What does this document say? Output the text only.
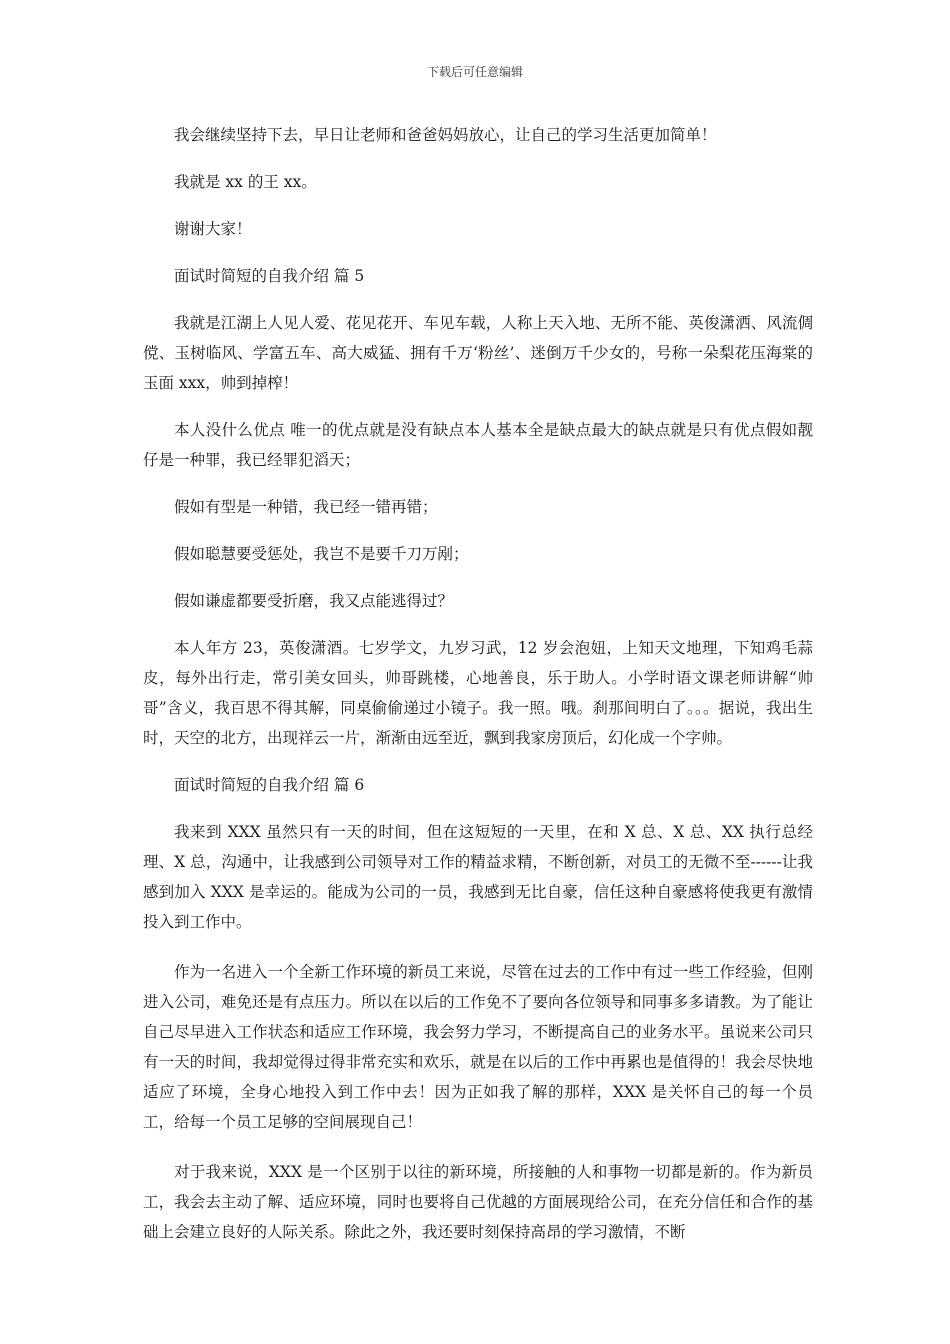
下载后可任意编辑

我会继续坚持下去，早日让老师和爸爸妈妈放心，让自己的学习生活更加简单！

我就是 xx 的王 xx。

谢谢大家！

面试时简短的自我介绍 篇 5

我就是江湖上人见人爱、花见花开、车见车载，人称上天入地、无所不能、英俊潇洒、风流倜傥、玉树临风、学富五车、高大威猛、拥有千万‘粉丝’、迷倒万千少女的，号称一朵梨花压海棠的玉面 xxx，帅到掉榨！

本人没什么优点 唯一的优点就是没有缺点本人基本全是缺点最大的缺点就是只有优点假如靓仔是一种罪，我已经罪犯滔天；

假如有型是一种错，我已经一错再错；

假如聪慧要受惩处，我岂不是要千刀万剐；

假如谦虚都要受折磨，我又点能逃得过？

本人年方 23，英俊潇酒。七岁学文，九岁习武，12 岁会泡妞，上知天文地理，下知鸡毛蒜皮，每外出行走，常引美女回头，帅哥跳楼，心地善良，乐于助人。小学时语文课老师讲解“帅哥”含义，我百思不得其解，同桌偷偷递过小镜子。我一照。哦。刹那间明白了。。。据说，我出生时，天空的北方，出现祥云一片，渐渐由远至近，飘到我家房顶后，幻化成一个字帅。

面试时简短的自我介绍 篇 6

我来到 XXX 虽然只有一天的时间，但在这短短的一天里，在和 X 总、X 总、XX 执行总经理、X 总，沟通中，让我感到公司领导对工作的精益求精，不断创新，对员工的无微不至------让我感到加入 XXX 是幸运的。能成为公司的一员，我感到无比自豪，信任这种自豪感将使我更有激情投入到工作中。

作为一名进入一个全新工作环境的新员工来说，尽管在过去的工作中有过一些工作经验，但刚进入公司，难免还是有点压力。所以在以后的工作免不了要向各位领导和同事多多请教。为了能让自己尽早进入工作状态和适应工作环境，我会努力学习，不断提高自己的业务水平。虽说来公司只有一天的时间，我却觉得过得非常充实和欢乐，就是在以后的工作中再累也是值得的！我会尽快地适应了环境，全身心地投入到工作中去！因为正如我了解的那样，XXX 是关怀自己的每一个员工，给每一个员工足够的空间展现自己！

对于我来说，XXX 是一个区别于以往的新环境，所接触的人和事物一切都是新的。作为新员工，我会去主动了解、适应环境，同时也要将自己优越的方面展现给公司，在充分信任和合作的基础上会建立良好的人际关系。除此之外，我还要时刻保持高昂的学习激情，不断
